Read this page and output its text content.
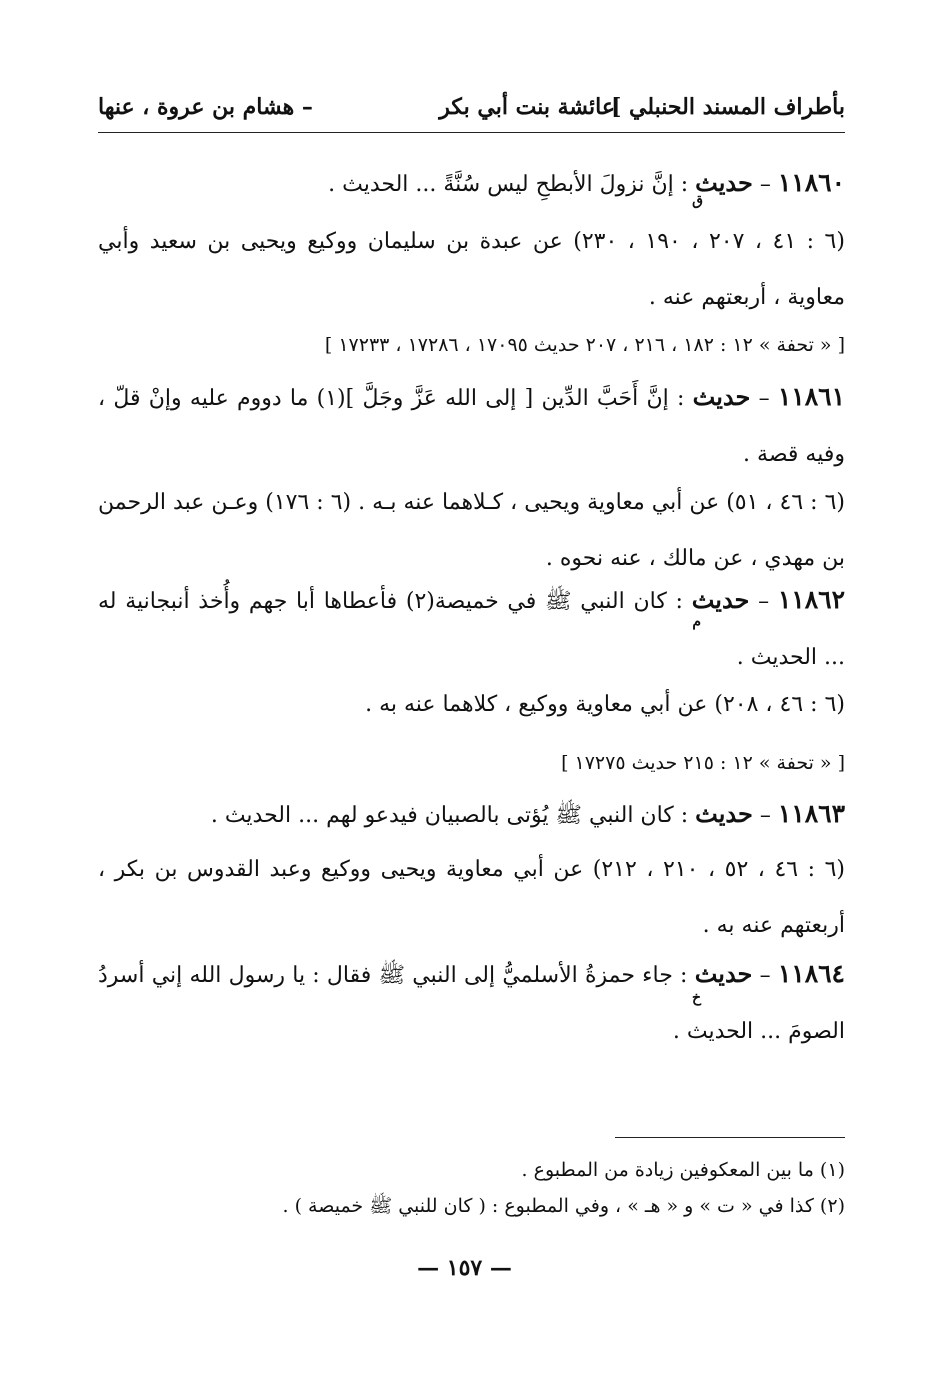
بأطراف المسند الحنبلي ]
عائشة بنت أبي بكر
– هشام بن عروة ، عنها

١١٨٦٠ – حديث : إنَّ نزولَ الأبطحِ ليس سُنَّةً ... الحديث .

ق

(٦ : ٤١ ، ٢٠٧ ، ١٩٠ ، ٢٣٠) عن عبدة بن سليمان ووكيع ويحيى بن سعيد وأبي معاوية ، أربعتهم عنه .

[ « تحفة » ١٢ : ١٨٢ ، ٢١٦ ، ٢٠٧ حديث ١٧٠٩٥ ، ١٧٢٨٦ ، ١٧٢٣٣ ]

١١٨٦١ – حديث : إنَّ أَحَبَّ الدِّين [ إلى الله عَزَّ وجَلَّ ](١) ما دووم عليه وإنْ قلّ ، وفيه قصة .

(٦ : ٤٦ ، ٥١) عن أبي معاوية ويحيى ، كـلاهما عنه بـه . (٦ : ١٧٦) وعـن عبد الرحمن بن مهدي ، عن مالك ، عنه نحوه .

١١٨٦٢ – حديث : كان النبي ﷺ في خميصة(٢) فأعطاها أبا جهم وأُخذ أنبجانية له ... الحديث .

م

(٦ : ٤٦ ، ٢٠٨) عن أبي معاوية ووكيع ، كلاهما عنه به .

[ « تحفة » ١٢ : ٢١٥ حديث ١٧٢٧٥ ]

١١٨٦٣ – حديث : كان النبي ﷺ يُؤتى بالصبيان فيدعو لهم ... الحديث .

(٦ : ٤٦ ، ٥٢ ، ٢١٠ ، ٢١٢) عن أبي معاوية ويحيى ووكيع وعبد القدوس بن بكر ، أربعتهم عنه به .

١١٨٦٤ – حديث : جاء حمزةُ الأسلميُّ إلى النبي ﷺ فقال : يا رسول الله إني أسردُ الصومَ ... الحديث .

خ

(١) ما بين المعكوفين زيادة من المطبوع .

(٢) كذا في « ت » و « هـ » ، وفي المطبوع : ( كان للنبي ﷺ خميصة ) .

— ١٥٧ —
